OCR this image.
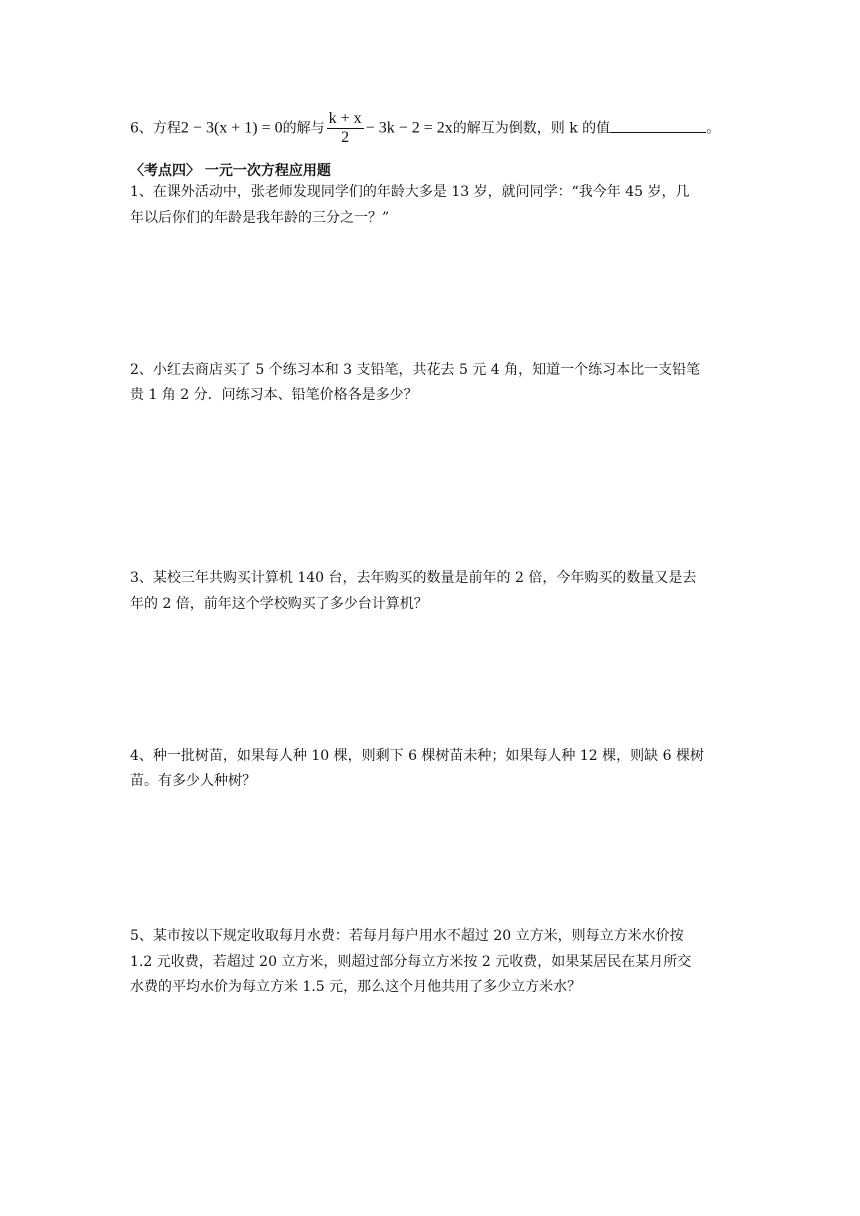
6、方程2 − 3(x + 1) = 0的解与 $\frac{k + x}{2} - 3k - 2 = 2x$的解互为倒数，则 k 的值	。
〈考点四〉 一元一次方程应用题
1、在课外活动中，张老师发现同学们的年龄大多是 13 岁，就问同学：“我今年 45 岁，几
年以后你们的年龄是我年龄的三分之一？”
2、小红去商店买了 5 个练习本和 3 支铅笔，共花去 5 元 4 角，知道一个练习本比一支铅笔
贵 1 角 2 分．问练习本、铅笔价格各是多少？
3、某校三年共购买计算机 140 台，去年购买的数量是前年的 2 倍，今年购买的数量又是去
年的 2 倍，前年这个学校购买了多少台计算机？
4、种一批树苗，如果每人种 10 棵，则剩下 6 棵树苗未种；如果每人种 12 棵，则缺 6 棵树
苗。有多少人种树？
5、某市按以下规定收取每月水费：若每月每户用水不超过 20 立方米，则每立方米水价按
1.2 元收费，若超过 20 立方米，则超过部分每立方米按 2 元收费，如果某居民在某月所交
水费的平均水价为每立方米 1.5 元，那么这个月他共用了多少立方米水？
